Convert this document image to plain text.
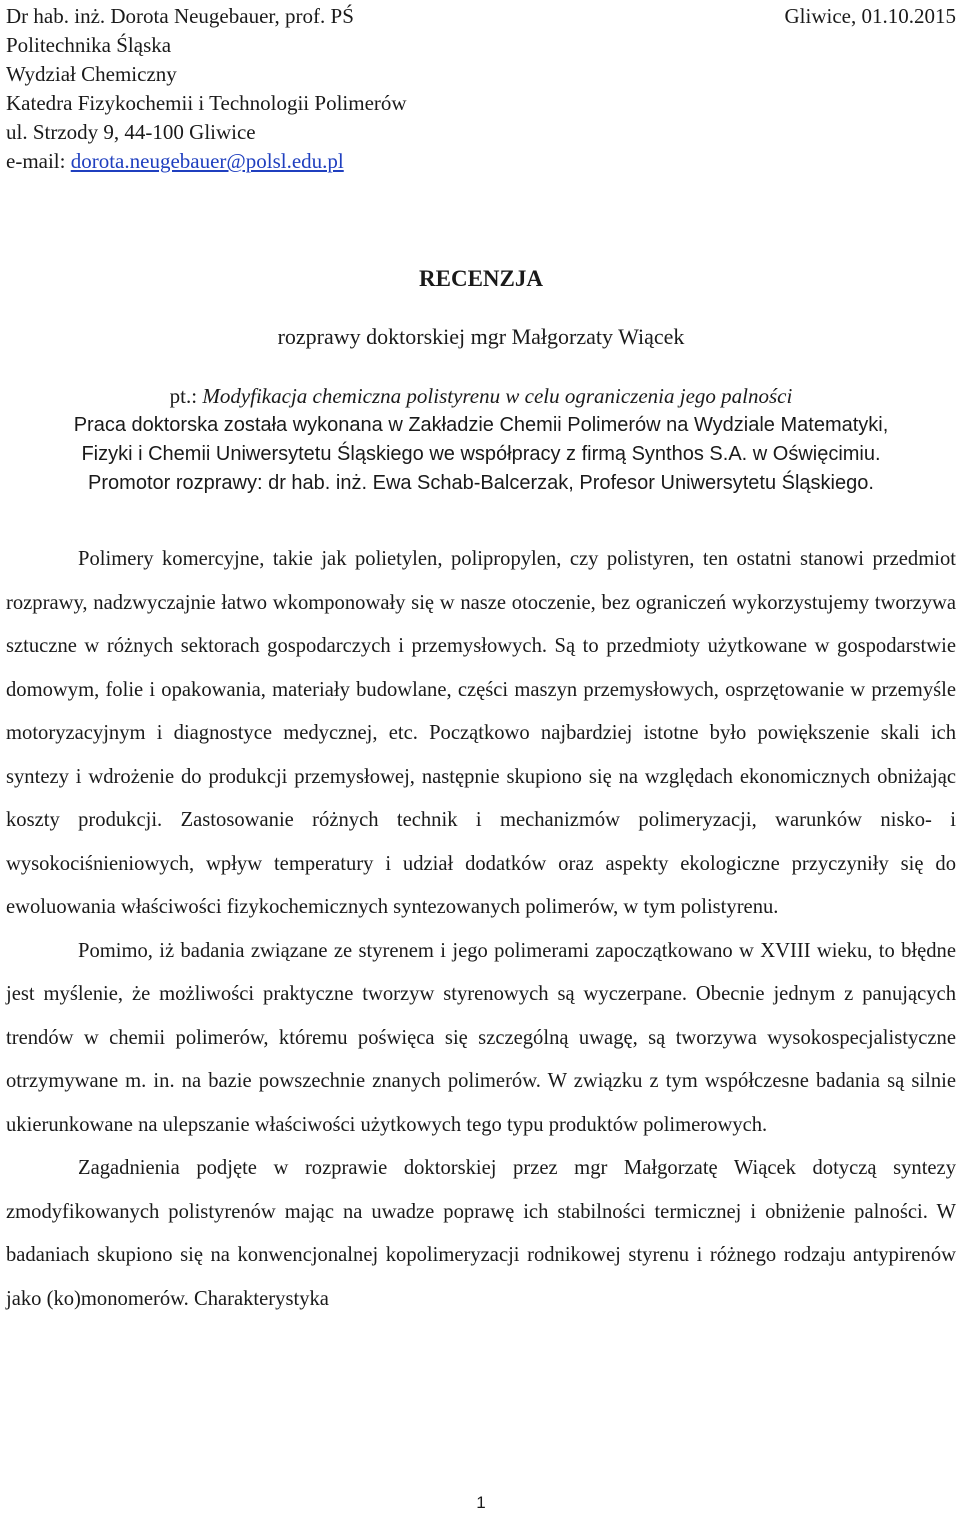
Dr hab. inż. Dorota Neugebauer, prof. PŚ	Gliwice, 01.10.2015
Politechnika Śląska
Wydział Chemiczny
Katedra Fizykochemii i Technologii Polimerów
ul. Strzody 9, 44-100 Gliwice
e-mail: dorota.neugebauer@polsl.edu.pl
RECENZJA
rozprawy doktorskiej mgr Małgorzaty Wiącek
pt.: Modyfikacja chemiczna polistyrenu w celu ograniczenia jego palności
Praca doktorska została wykonana w Zakładzie Chemii Polimerów na Wydziale Matematyki,
Fizyki i Chemii Uniwersytetu Śląskiego we współpracy z firmą Synthos S.A. w Oświęcimiu.
Promotor rozprawy: dr hab. inż. Ewa Schab-Balcerzak, Profesor Uniwersytetu Śląskiego.

Polimery komercyjne, takie jak polietylen, polipropylen, czy polistyren, ten ostatni stanowi przedmiot rozprawy, nadzwyczajnie łatwo wkomponowały się w nasze otoczenie, bez ograniczeń wykorzystujemy tworzywa sztuczne w różnych sektorach gospodarczych i przemysłowych. Są to przedmioty użytkowane w gospodarstwie domowym, folie i opakowania, materiały budowlane, części maszyn przemysłowych, osprzętowanie w przemyśle motoryzacyjnym i diagnostyce medycznej, etc. Początkowo najbardziej istotne było powiększenie skali ich syntezy i wdrożenie do produkcji przemysłowej, następnie skupiono się na względach ekonomicznych obniżając koszty produkcji. Zastosowanie różnych technik i mechanizmów polimeryzacji, warunków nisko- i wysokociśnieniowych, wpływ temperatury i udział dodatków oraz aspekty ekologiczne przyczyniły się do ewoluowania właściwości fizykochemicznych syntezowanych polimerów, w tym polistyrenu.

Pomimo, iż badania związane ze styrenem i jego polimerami zapoczątkowano w XVIII wieku, to błędne jest myślenie, że możliwości praktyczne tworzyw styrenowych są wyczerpane. Obecnie jednym z panujących trendów w chemii polimerów, któremu poświęca się szczególną uwagę, są tworzywa wysokospecjalistyczne otrzymywane m. in. na bazie powszechnie znanych polimerów. W związku z tym współczesne badania są silnie ukierunkowane na ulepszanie właściwości użytkowych tego typu produktów polimerowych.

Zagadnienia podjęte w rozprawie doktorskiej przez mgr Małgorzatę Wiącek dotyczą syntezy zmodyfikowanych polistyrenów mając na uwadze poprawę ich stabilności termicznej i obniżenie palności. W badaniach skupiono się na konwencjonalnej kopolimeryzacji rodnikowej styrenu i różnego rodzaju antypirenów jako (ko)monomerów. Charakterystyka

1
